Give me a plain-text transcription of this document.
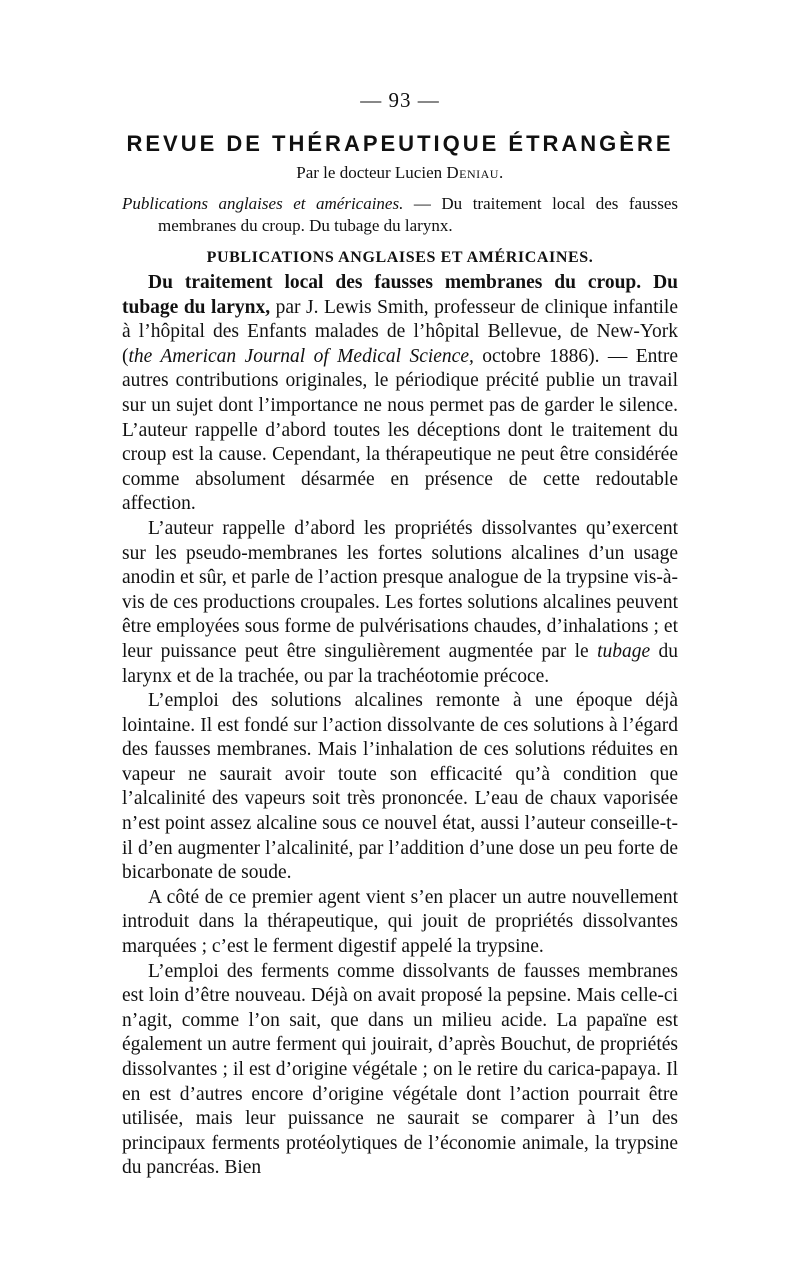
— 93 —
REVUE DE THÉRAPEUTIQUE ÉTRANGÈRE
Par le docteur Lucien Deniau.
Publications anglaises et américaines. — Du traitement local des fausses membranes du croup. Du tubage du larynx.
PUBLICATIONS ANGLAISES ET AMÉRICAINES.

Du traitement local des fausses membranes du croup. Du tubage du larynx, par J. Lewis Smith, professeur de clinique infantile à l’hôpital des Enfants malades de l’hôpital Bellevue, de New-York (the American Journal of Medical Science, octobre 1886). — Entre autres contributions originales, le périodique précité publie un travail sur un sujet dont l’importance ne nous permet pas de garder le silence. L’auteur rappelle d’abord toutes les déceptions dont le traitement du croup est la cause. Cependant, la thérapeutique ne peut être considérée comme absolument désarmée en présence de cette redoutable affection.

L’auteur rappelle d’abord les propriétés dissolvantes qu’exercent sur les pseudo-membranes les fortes solutions alcalines d’un usage anodin et sûr, et parle de l’action presque analogue de la trypsine vis-à-vis de ces productions croupales. Les fortes solutions alcalines peuvent être employées sous forme de pulvérisations chaudes, d’inhalations ; et leur puissance peut être singulièrement augmentée par le tubage du larynx et de la trachée, ou par la trachéotomie précoce.

L’emploi des solutions alcalines remonte à une époque déjà lointaine. Il est fondé sur l’action dissolvante de ces solutions à l’égard des fausses membranes. Mais l’inhalation de ces solutions réduites en vapeur ne saurait avoir toute son efficacité qu’à condition que l’alcalinité des vapeurs soit très prononcée. L’eau de chaux vaporisée n’est point assez alcaline sous ce nouvel état, aussi l’auteur conseille-t-il d’en augmenter l’alcalinité, par l’addition d’une dose un peu forte de bicarbonate de soude.

A côté de ce premier agent vient s’en placer un autre nouvellement introduit dans la thérapeutique, qui jouit de propriétés dissolvantes marquées ; c’est le ferment digestif appelé la trypsine.

L’emploi des ferments comme dissolvants de fausses membranes est loin d’être nouveau. Déjà on avait proposé la pepsine. Mais celle-ci n’agit, comme l’on sait, que dans un milieu acide. La papaïne est également un autre ferment qui jouirait, d’après Bouchut, de propriétés dissolvantes ; il est d’origine végétale ; on le retire du carica-papaya. Il en est d’autres encore d’origine végétale dont l’action pourrait être utilisée, mais leur puissance ne saurait se comparer à l’un des principaux ferments protéolytiques de l’économie animale, la trypsine du pancréas. Bien
